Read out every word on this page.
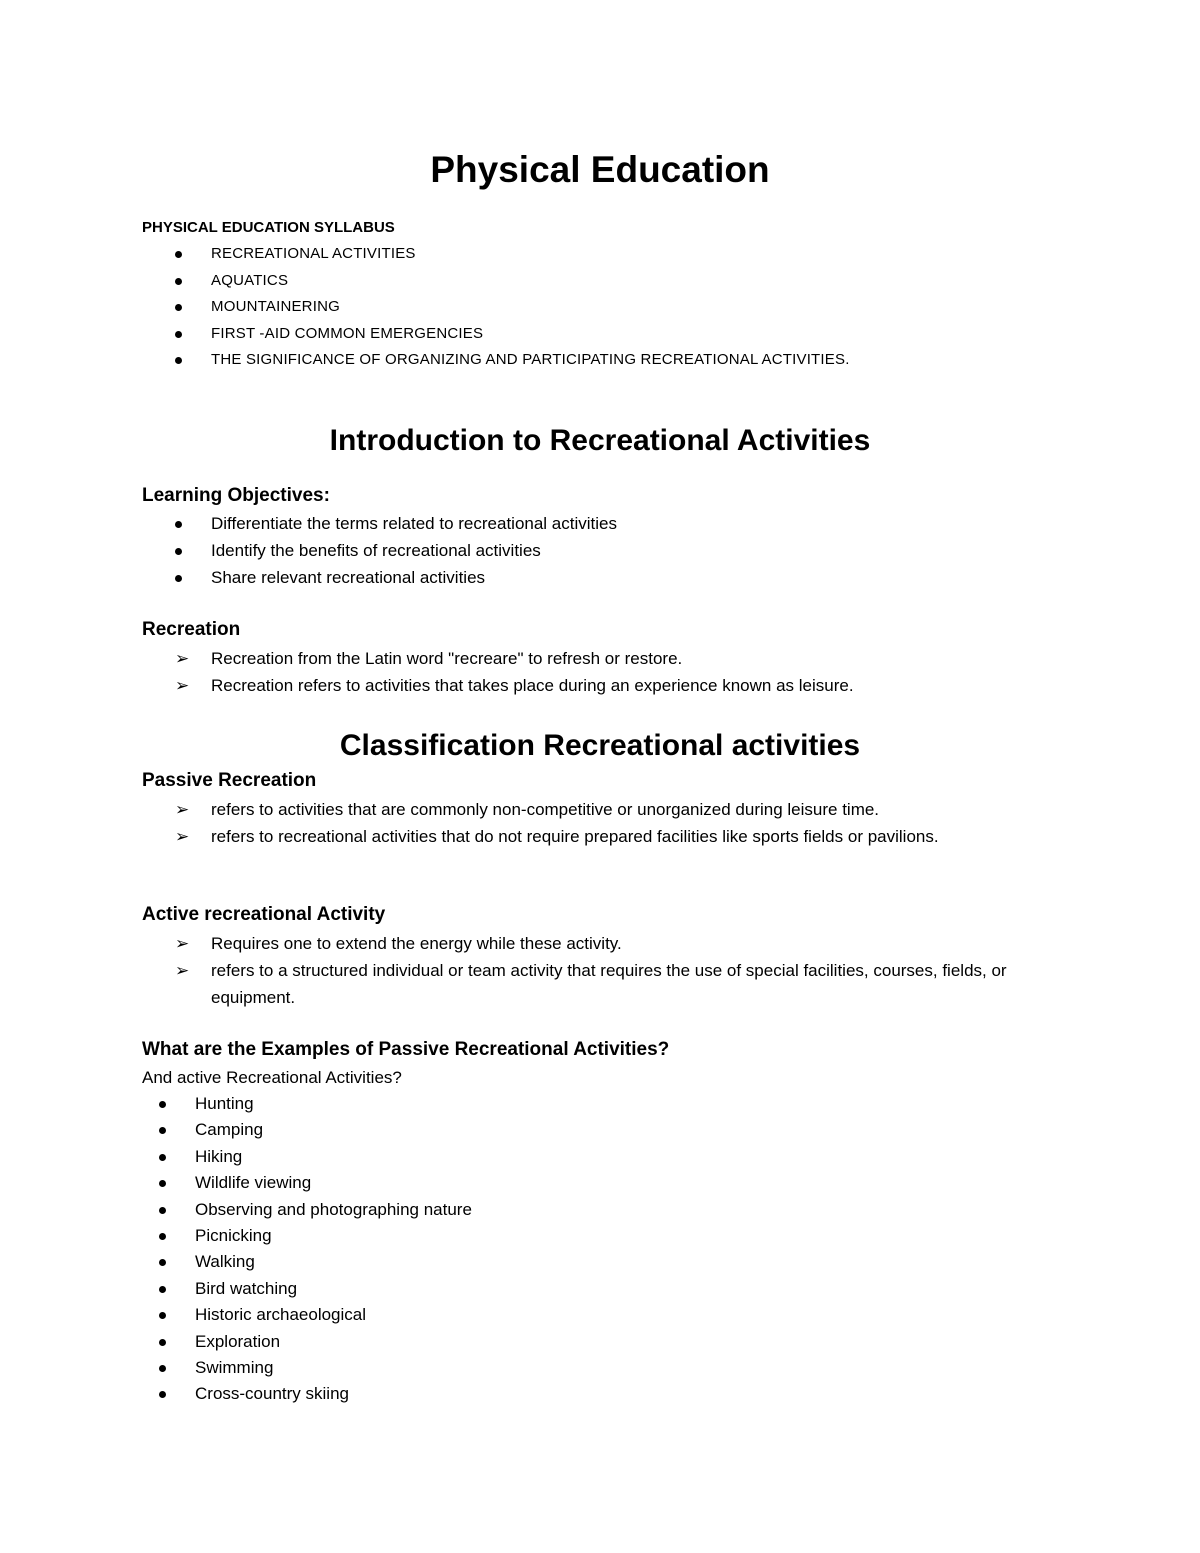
Physical Education
PHYSICAL EDUCATION SYLLABUS
RECREATIONAL ACTIVITIES
AQUATICS
MOUNTAINERING
FIRST -AID COMMON EMERGENCIES
THE SIGNIFICANCE OF ORGANIZING AND PARTICIPATING RECREATIONAL ACTIVITIES.
Introduction to Recreational Activities
Learning Objectives:
Differentiate the terms related to recreational activities
Identify the benefits of recreational activities
Share relevant recreational activities
Recreation
➢ Recreation from the Latin word "recreare" to refresh or restore.
➢ Recreation refers to activities that takes place during an experience known as leisure.
Classification Recreational activities
Passive Recreation
➢ refers to activities that are commonly non-competitive or unorganized during leisure time.
➢ refers to recreational activities that do not require prepared facilities like sports fields or pavilions.
Active recreational Activity
➢ Requires one to extend the energy while these activity.
➢ refers to a structured individual or team activity that requires the use of special facilities, courses, fields, or equipment.
What are the Examples of Passive Recreational Activities?
And active Recreational Activities?
Hunting
Camping
Hiking
Wildlife viewing
Observing and photographing nature
Picnicking
Walking
Bird watching
Historic archaeological
Exploration
Swimming
Cross-country skiing
